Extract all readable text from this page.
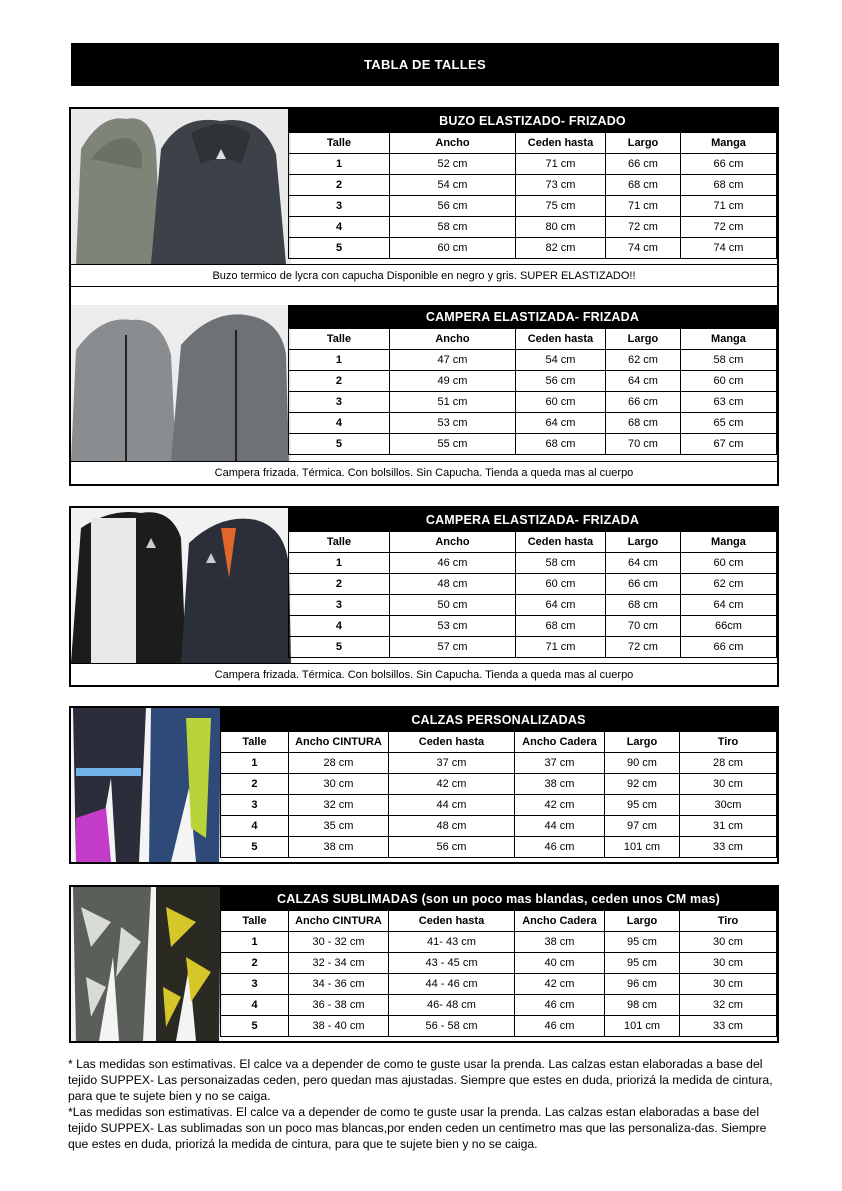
TABLA DE TALLES
BUZO ELASTIZADO- FRIZADO				
Talle	Ancho	Ceden hasta	Largo	Manga
1	52 cm	71 cm	66 cm	66 cm
2	54 cm	73 cm	68 cm	68 cm
3	56 cm	75 cm	71 cm	71 cm
4	58 cm	80 cm	72 cm	72 cm
5	60 cm	82 cm	74 cm	74 cm
Buzo termico de lycra con capucha Disponible en negro y gris. SUPER ELASTIZADO!!
CAMPERA ELASTIZADA- FRIZADA				
Talle	Ancho	Ceden hasta	Largo	Manga
1	47 cm	54 cm	62 cm	58 cm
2	49 cm	56 cm	64 cm	60 cm
3	51 cm	60 cm	66 cm	63 cm
4	53 cm	64 cm	68 cm	65 cm
5	55 cm	68 cm	70 cm	67 cm
Campera frizada. Térmica. Con bolsillos. Sin Capucha. Tienda a queda mas al cuerpo
CAMPERA ELASTIZADA- FRIZADA				
Talle	Ancho	Ceden hasta	Largo	Manga
1	46 cm	58 cm	64 cm	60 cm
2	48 cm	60 cm	66 cm	62 cm
3	50 cm	64 cm	68 cm	64 cm
4	53 cm	68 cm	70 cm	66cm
5	57 cm	71 cm	72 cm	66 cm
Campera frizada. Térmica. Con bolsillos. Sin Capucha. Tienda a queda mas al cuerpo
CALZAS PERSONALIZADAS					
Talle	Ancho CINTURA	Ceden hasta	Ancho Cadera	Largo	Tiro
1	28 cm	37 cm	37 cm	90 cm	28 cm
2	30 cm	42 cm	38 cm	92 cm	30 cm
3	32 cm	44 cm	42 cm	95 cm	30cm
4	35 cm	48 cm	44 cm	97 cm	31 cm
5	38 cm	56 cm	46 cm	101 cm	33 cm
CALZAS SUBLIMADAS (son un poco mas blandas, ceden unos CM mas)					
Talle	Ancho CINTURA	Ceden hasta	Ancho Cadera	Largo	Tiro
1	30 - 32 cm	41- 43 cm	38 cm	95 cm	30 cm
2	32 - 34 cm	43 - 45 cm	40 cm	95 cm	30 cm
3	34 - 36 cm	44 - 46 cm	42 cm	96 cm	30 cm
4	36 - 38 cm	46- 48 cm	46 cm	98 cm	32 cm
5	38 - 40 cm	56 - 58 cm	46 cm	101 cm	33 cm

* Las medidas son estimativas. El calce va a depender de como te guste usar la prenda. Las calzas estan elaboradas a base del tejido SUPPEX- Las personaizadas ceden, pero quedan mas ajustadas. Siempre que estes en duda, priorizá la medida de cintura, para que te sujete bien y no se caiga.

*Las medidas son estimativas. El calce va a depender de como te guste usar la prenda. Las calzas estan elaboradas a base del tejido SUPPEX- Las sublimadas son un poco mas blancas,por enden ceden un centimetro mas que las personaliza-das. Siempre que estes en duda, priorizá la medida de cintura, para que te sujete bien y no se caiga.
